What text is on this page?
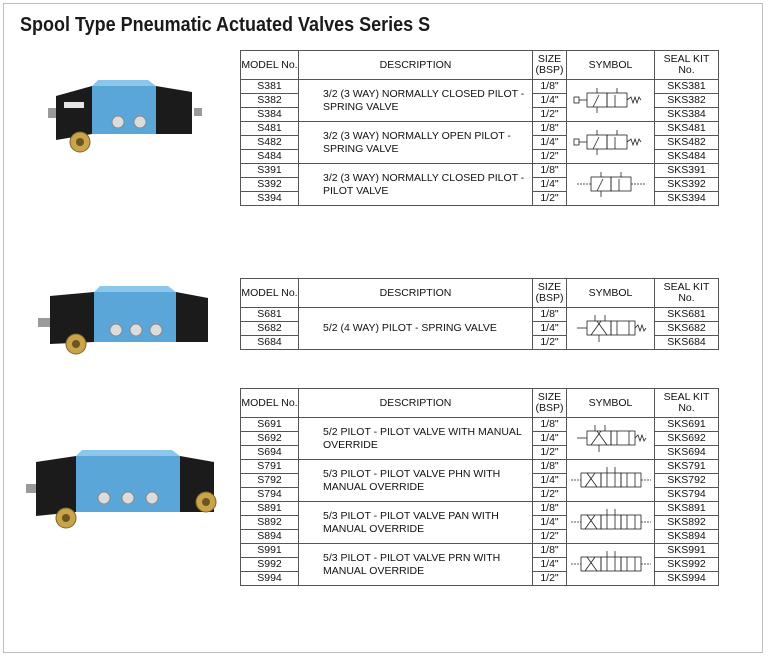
Spool Type Pneumatic Actuated Valves Series S
MODEL No.	DESCRIPTION	SIZE (BSP)	SYMBOL	SEAL KIT No.
S381	3/2 (3 WAY) NORMALLY CLOSED PILOT - SPRING VALVE	1/8"		SKS381
S382		1/4"		SKS382
S384		1/2"		SKS384
S481	3/2 (3 WAY) NORMALLY OPEN PILOT - SPRING VALVE	1/8"		SKS481
S482		1/4"		SKS482
S484		1/2"		SKS484
S391	3/2 (3 WAY) NORMALLY CLOSED PILOT - PILOT VALVE	1/8"		SKS391
S392		1/4"		SKS392
S394		1/2"		SKS394
MODEL No.	DESCRIPTION	SIZE (BSP)	SYMBOL	SEAL KIT No.
S681	5/2 (4 WAY) PILOT - SPRING VALVE	1/8"		SKS681
S682		1/4"		SKS682
S684		1/2"		SKS684
MODEL No.	DESCRIPTION	SIZE (BSP)	SYMBOL	SEAL KIT No.
S691	5/2 PILOT - PILOT VALVE WITH MANUAL OVERRIDE	1/8"		SKS691
S692		1/4"		SKS692
S694		1/2"		SKS694
S791	5/3 PILOT - PILOT VALVE PHN WITH MANUAL OVERRIDE	1/8"		SKS791
S792		1/4"		SKS792
S794		1/2"		SKS794
S891	5/3 PILOT - PILOT VALVE PAN WITH MANUAL OVERRIDE	1/8"		SKS891
S892		1/4"		SKS892
S894		1/2"		SKS894
S991	5/3 PILOT - PILOT VALVE PRN WITH MANUAL OVERRIDE	1/8"		SKS991
S992		1/4"		SKS992
S994		1/2"		SKS994
